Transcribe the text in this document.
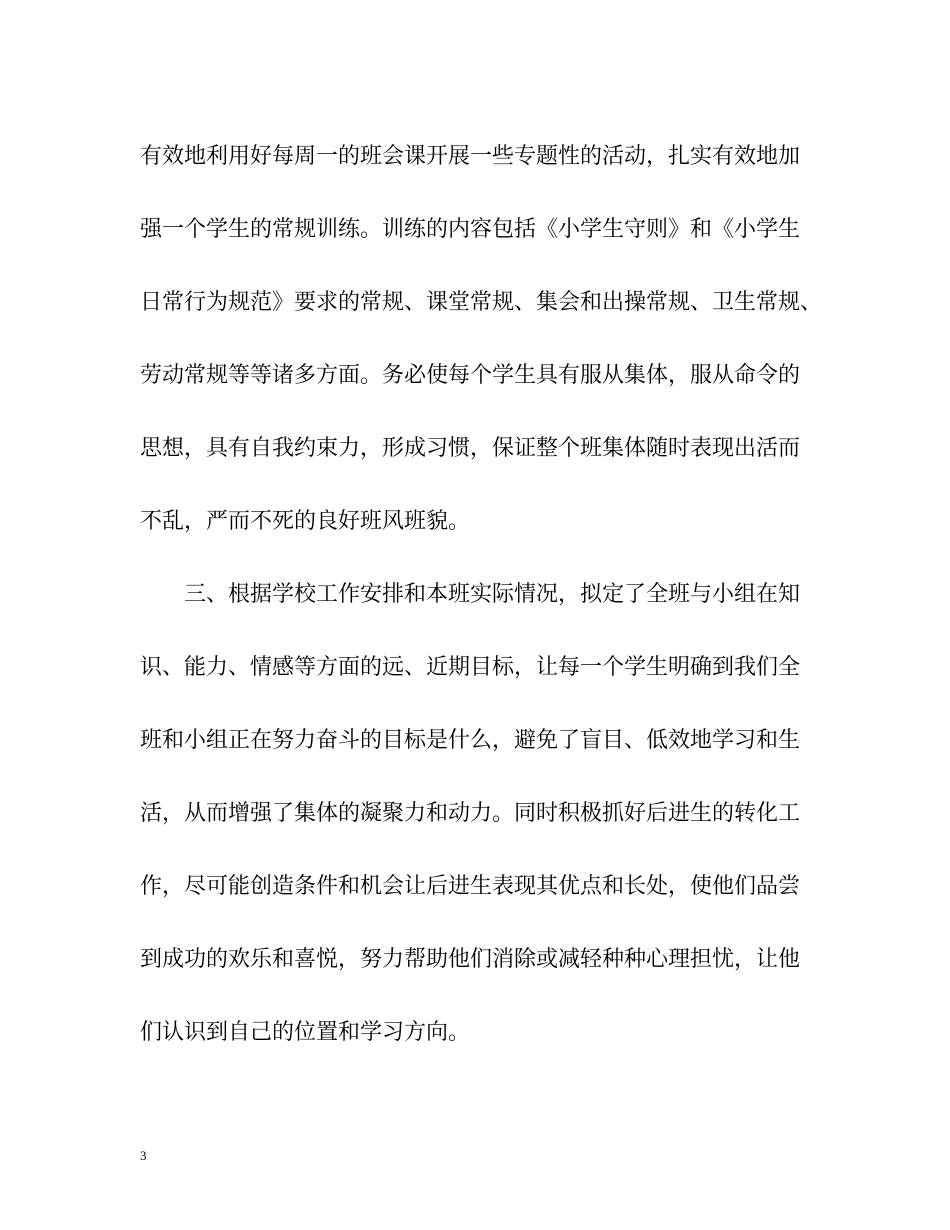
有效地利用好每周一的班会课开展一些专题性的活动，扎实有效地加
强一个学生的常规训练。训练的内容包括《小学生守则》和《小学生
日常行为规范》要求的常规、课堂常规、集会和出操常规、卫生常规、
劳动常规等等诸多方面。务必使每个学生具有服从集体，服从命令的
思想，具有自我约束力，形成习惯，保证整个班集体随时表现出活而
不乱，严而不死的良好班风班貌。
三、根据学校工作安排和本班实际情况，拟定了全班与小组在知
识、能力、情感等方面的远、近期目标，让每一个学生明确到我们全
班和小组正在努力奋斗的目标是什么，避免了盲目、低效地学习和生
活，从而增强了集体的凝聚力和动力。同时积极抓好后进生的转化工
作，尽可能创造条件和机会让后进生表现其优点和长处，使他们品尝
到成功的欢乐和喜悦，努力帮助他们消除或减轻种种心理担忧，让他
们认识到自己的位置和学习方向。
3
